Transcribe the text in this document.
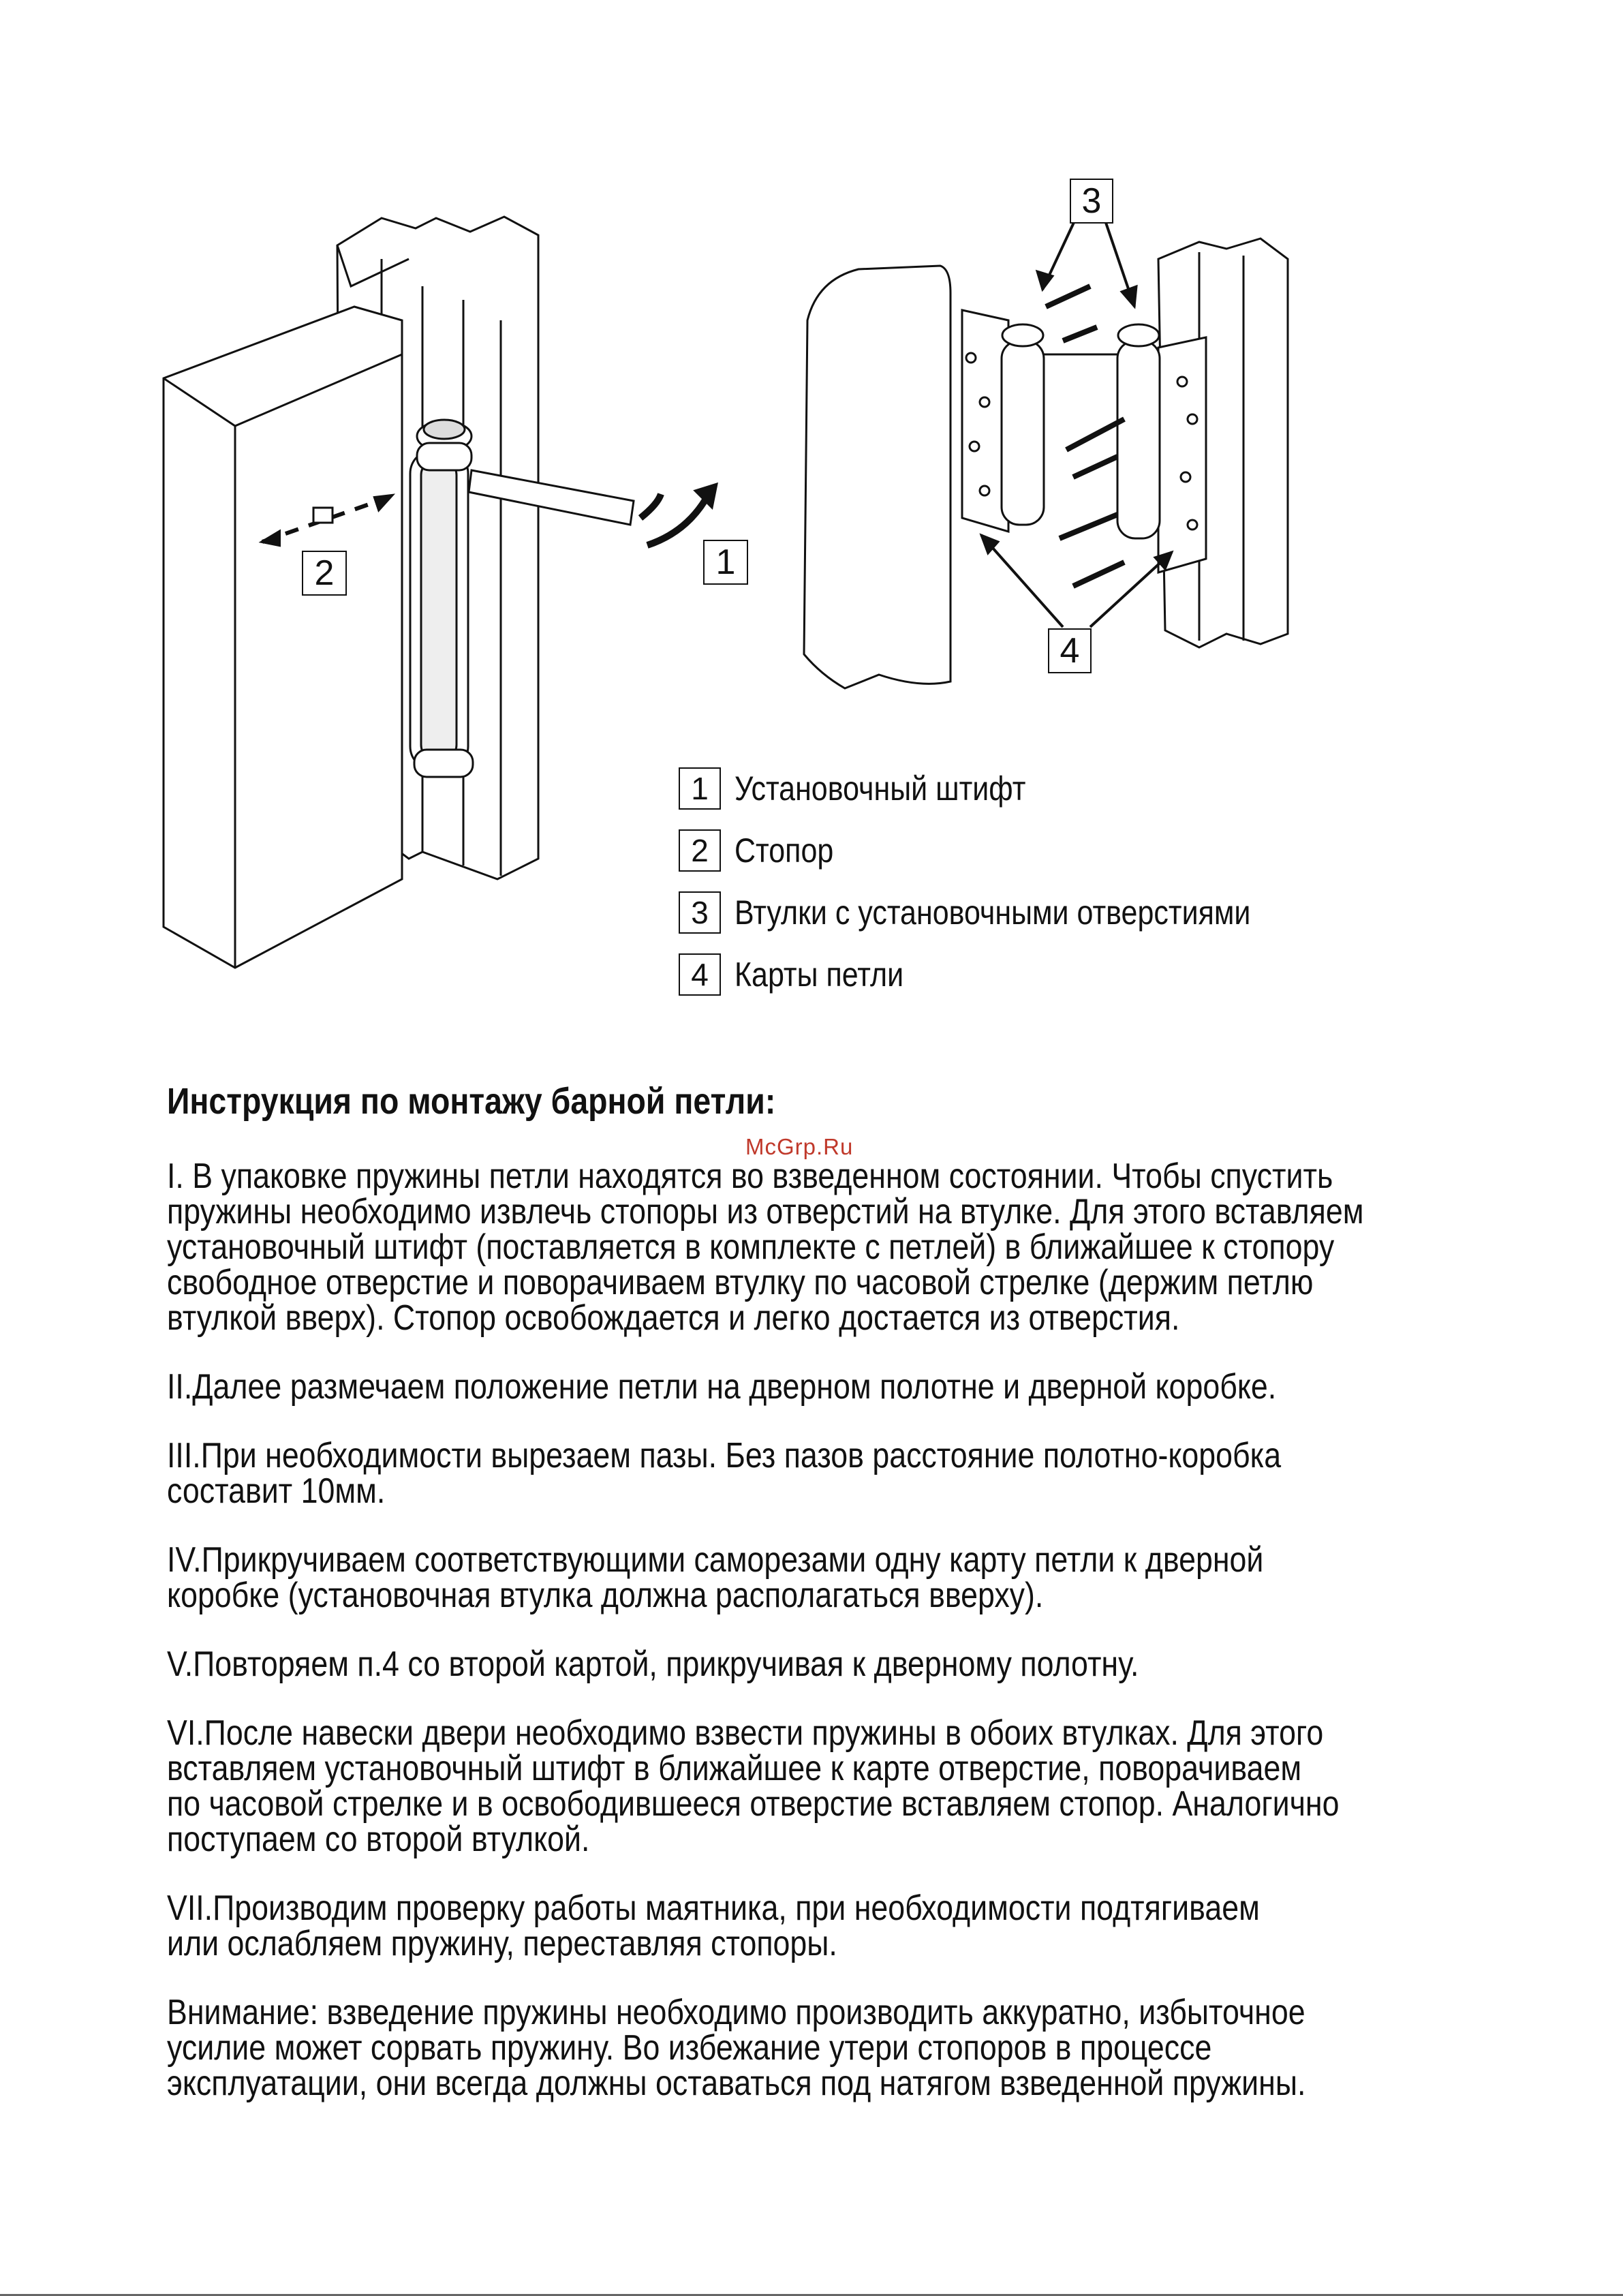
2	1
3
4
1 Установочный штифт
2 Стопор
3 Втулки с установочными отверстиями
4 Карты петли
Инструкция по монтажу барной петли:
McGrp.Ru

I. В упаковке пружины петли находятся во взведенном состоянии. Чтобы спустить

пружины необходимо извлечь стопоры из отверстий на втулке. Для этого вставляем

установочный штифт (поставляется в комплекте с петлей) в ближайшее к стопору

свободное отверстие и поворачиваем втулку по часовой стрелке (держим петлю

втулкой вверх). Стопор освобождается и легко достается из отверстия.

II.Далее размечаем положение петли на дверном полотне и дверной коробке.

III.При необходимости вырезаем пазы. Без пазов расстояние полотно-коробка

составит 10мм.

IV.Прикручиваем соответствующими саморезами одну карту петли к дверной

коробке (установочная втулка должна располагаться вверху).

V.Повторяем п.4 со второй картой, прикручивая к дверному полотну.

VI.После навески двери необходимо взвести пружины в обоих втулках. Для этого

вставляем установочный штифт в ближайшее к карте отверстие, поворачиваем

по часовой стрелке и в освободившееся отверстие вставляем стопор. Аналогично

поступаем со второй втулкой.

VII.Производим проверку работы маятника, при необходимости подтягиваем

или ослабляем пружину, переставляя стопоры.

Внимание: взведение пружины необходимо производить аккуратно, избыточное

усилие может сорвать пружину. Во избежание утери стопоров в процессе

эксплуатации, они всегда должны оставаться под натягом взведенной пружины.
